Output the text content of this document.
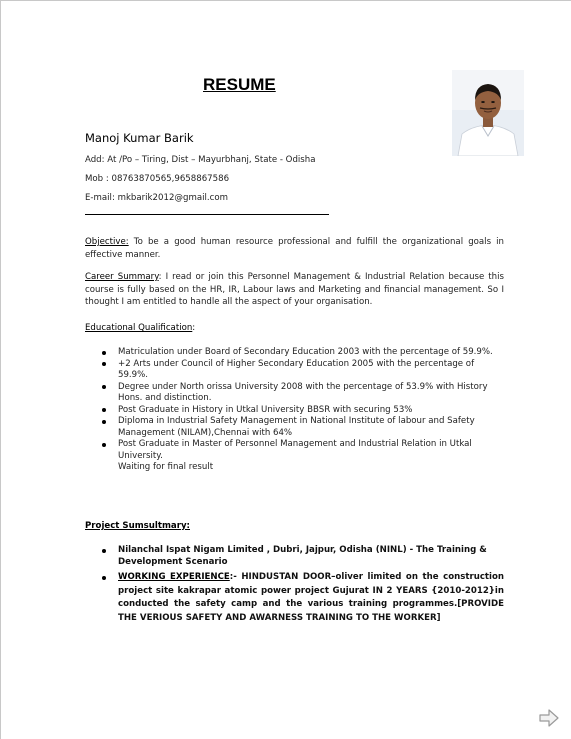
RESUME
Manoj Kumar Barik
Add: At /Po – Tiring, Dist – Mayurbhanj, State - Odisha
Mob : 08763870565,9658867586
E-mail: mkbarik2012@gmail.com
Objective: To be a good human resource professional and fulfill the organizational goals in effective manner.
Career Summary: I read or join this Personnel Management & Industrial Relation because this course is fully based on the HR, IR, Labour laws and Marketing and financial management. So I thought I am entitled to handle all the aspect of your organisation.
Educational Qualification:
Matriculation under Board of Secondary Education 2003 with the percentage of 59.9%.
+2 Arts under Council of Higher Secondary Education 2005 with the percentage of 59.9%.
Degree under North orissa University 2008 with the percentage of 53.9% with History Hons. and distinction.
Post Graduate in History in Utkal University BBSR with securing 53%
Diploma in Industrial Safety Management in National Institute of labour and Safety Management (NILAM),Chennai with 64%
Post Graduate in Master of Personnel Management and Industrial Relation in Utkal University.
Waiting for final result
Project Sumsultmary:
Nilanchal Ispat Nigam Limited , Dubri, Jajpur, Odisha (NINL) - The Training & Development Scenario
WORKING EXPERIENCE:- HINDUSTAN DOOR–oliver limited on the construction project site kakrapar atomic power project Gujurat IN 2 YEARS {2010-2012}in conducted the safety camp and the various training programmes.[PROVIDE THE VERIOUS SAFETY AND AWARNESS TRAINING TO THE WORKER]
